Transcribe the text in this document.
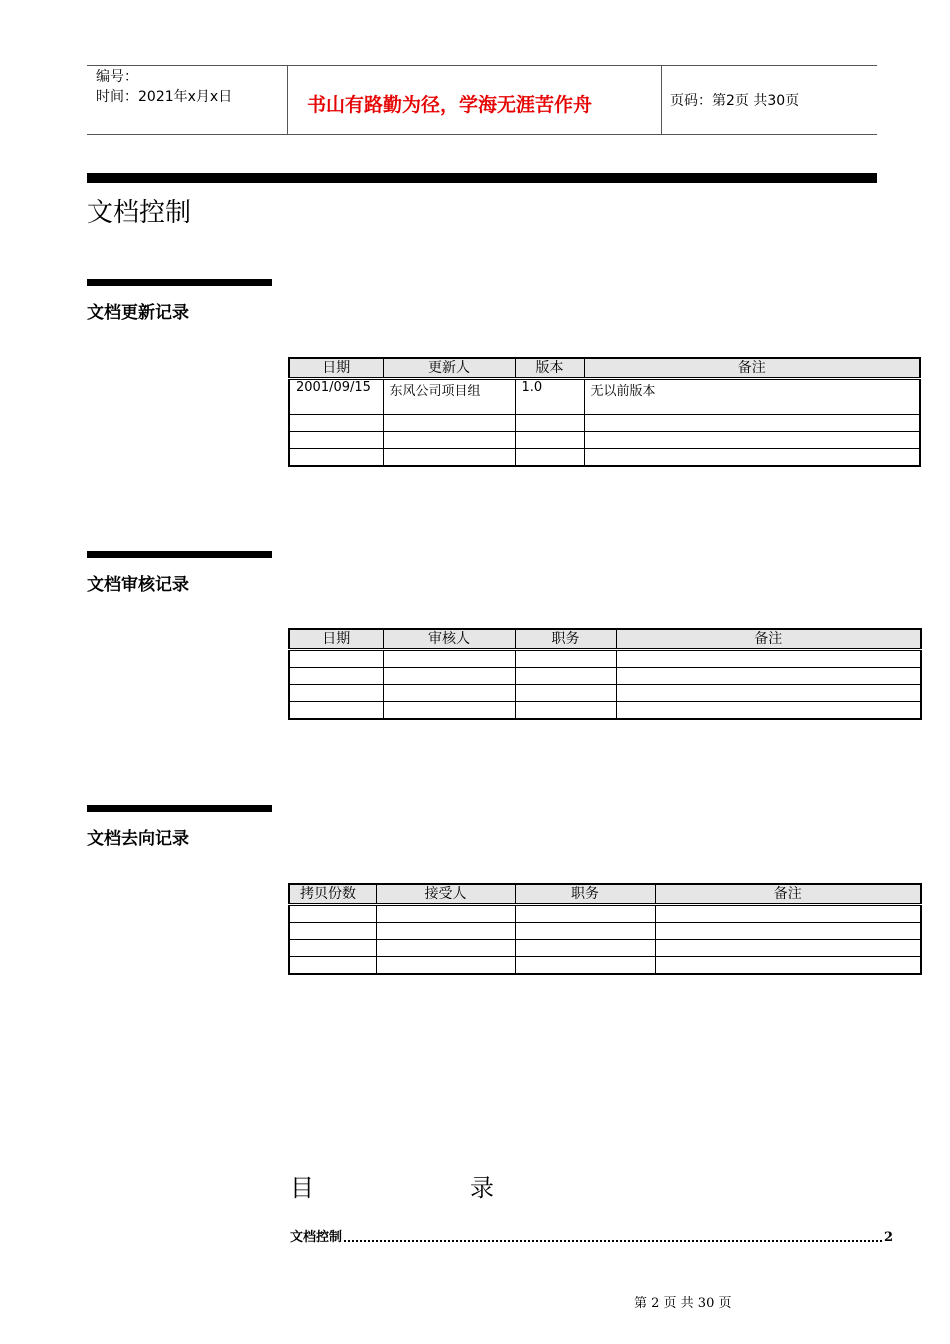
编号：
时间：2021年x月x日	书山有路勤为径，学海无涯苦作舟	页码：第2页 共30页
文档控制
文档更新记录
日期	更新人	版本	备注
2001/09/15	东风公司项目组	1.0	无以前版本

文档审核记录
日期	审核人	职务	备注

文档去向记录
拷贝份数	接受人	职务	备注

目	录
文档控制	2
第 2 页 共 30 页
